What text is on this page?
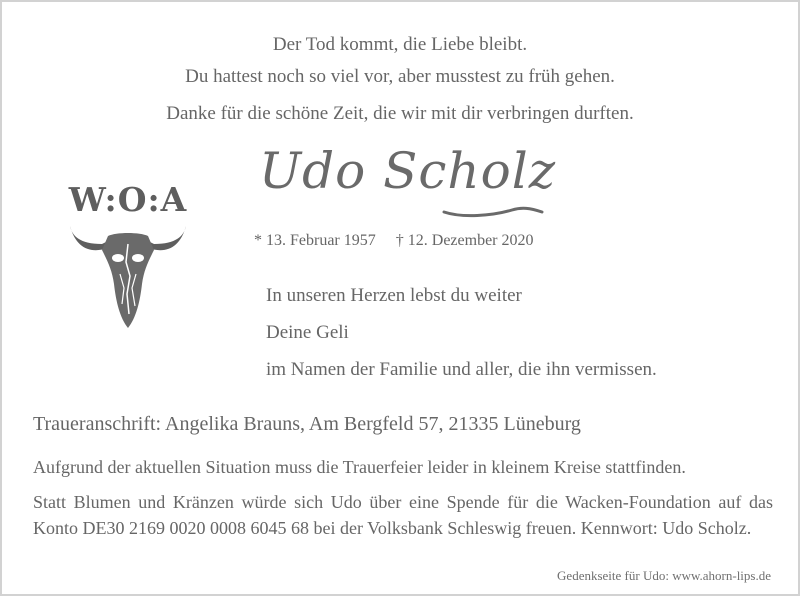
Der Tod kommt, die Liebe bleibt.
Du hattest noch so viel vor, aber musstest zu früh gehen.
Danke für die schöne Zeit, die wir mit dir verbringen durften.
W:O:A	Udo Scholz
* 13. Februar 1957 † 12. Dezember 2020
In unseren Herzen lebst du weiter
Deine Geli
im Namen der Familie und aller, die ihn vermissen.
Traueranschrift: Angelika Brauns, Am Bergfeld 57, 21335 Lüneburg
Aufgrund der aktuellen Situation muss die Trauerfeier leider in kleinem Kreise stattfinden.
Statt Blumen und Kränzen würde sich Udo über eine Spende für die Wacken-Foundation auf das Konto DE30 2169 0020 0008 6045 68 bei der Volksbank Schleswig freuen. Kennwort: Udo Scholz.
Gedenkseite für Udo: www.ahorn-lips.de
